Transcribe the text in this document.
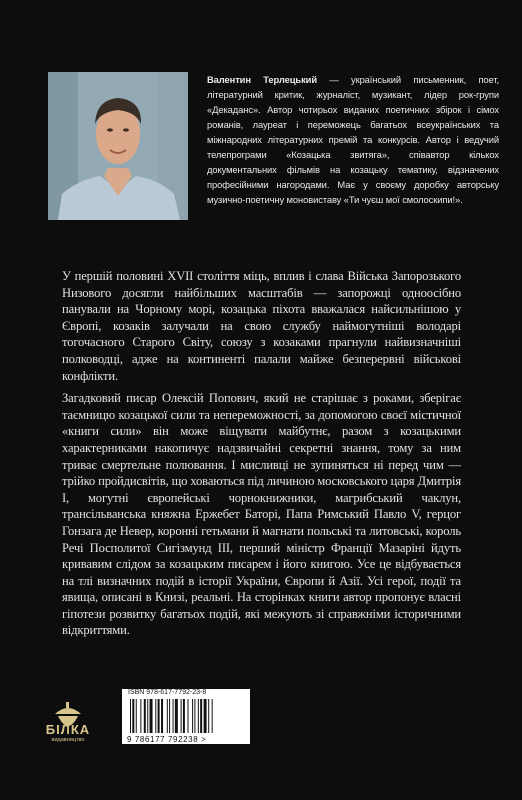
Валентин Терлецький — український письменник, поет, літературний критик, журналіст, музикант, лідер рок-групи «Декаданс». Автор чотирьох виданих поетичних збірок і сімох романів, лауреат і переможець багатьох всеукраїнських та міжнародних літературних премій та конкурсів. Автор і ведучий телепрограми «Козацька звитяга», співавтор кількох документальних фільмів на козацьку тематику, відзначених професійними нагородами. Має у своєму доробку авторську музично-поетичну моновиставу «Ти чуєш мої смолоскипи!».

У першій половині XVII століття міць, вплив і слава Війська Запорозького Низового досягли найбільших масштабів — запорожці одноосібно панували на Чорному морі, козацька піхота вважалася найсильнішою у Європі, козаків залучали на свою службу наймогутніші володарі тогочасного Старого Світу, союзу з козаками прагнули найвизначніші полководці, адже на континенті палали майже безперервні військові конфлікти.

Загадковий писар Олексій Попович, який не старішає з роками, зберігає таємницю козацької сили та непереможності, за допомогою своєї містичної «книги сили» він може віщувати майбутнє, разом з козацькими характерниками накопичує надзвичайні секретні знання, тому за ним триває смертельне полювання. І мисливці не зупиняться ні перед чим — трійко пройдисвітів, що ховаються під личиною московського царя Дмитрія І, могутні європейські чорнокнижники, магрибський чаклун, трансільванська княжна Ержебет Баторі, Папа Римський Павло V, герцог Гонзага де Невер, коронні гетьмани й магнати польські та литовські, король Речі Посполитої Сигізмунд III, перший міністр Франції Мазаріні йдуть кривавим слідом за козацьким писарем і його книгою. Усе це відбувається на тлі визначних подій в історії України, Європи й Азії. Усі герої, події та явища, описані в Книзі, реальні. На сторінках книги автор пропонує власні гіпотези розвитку багатьох подій, які межують зі справжніми історичними відкриттями.

БІЛКА
видавництво
ISBN 978-617-7792-23-8
9 786177 792238 >
